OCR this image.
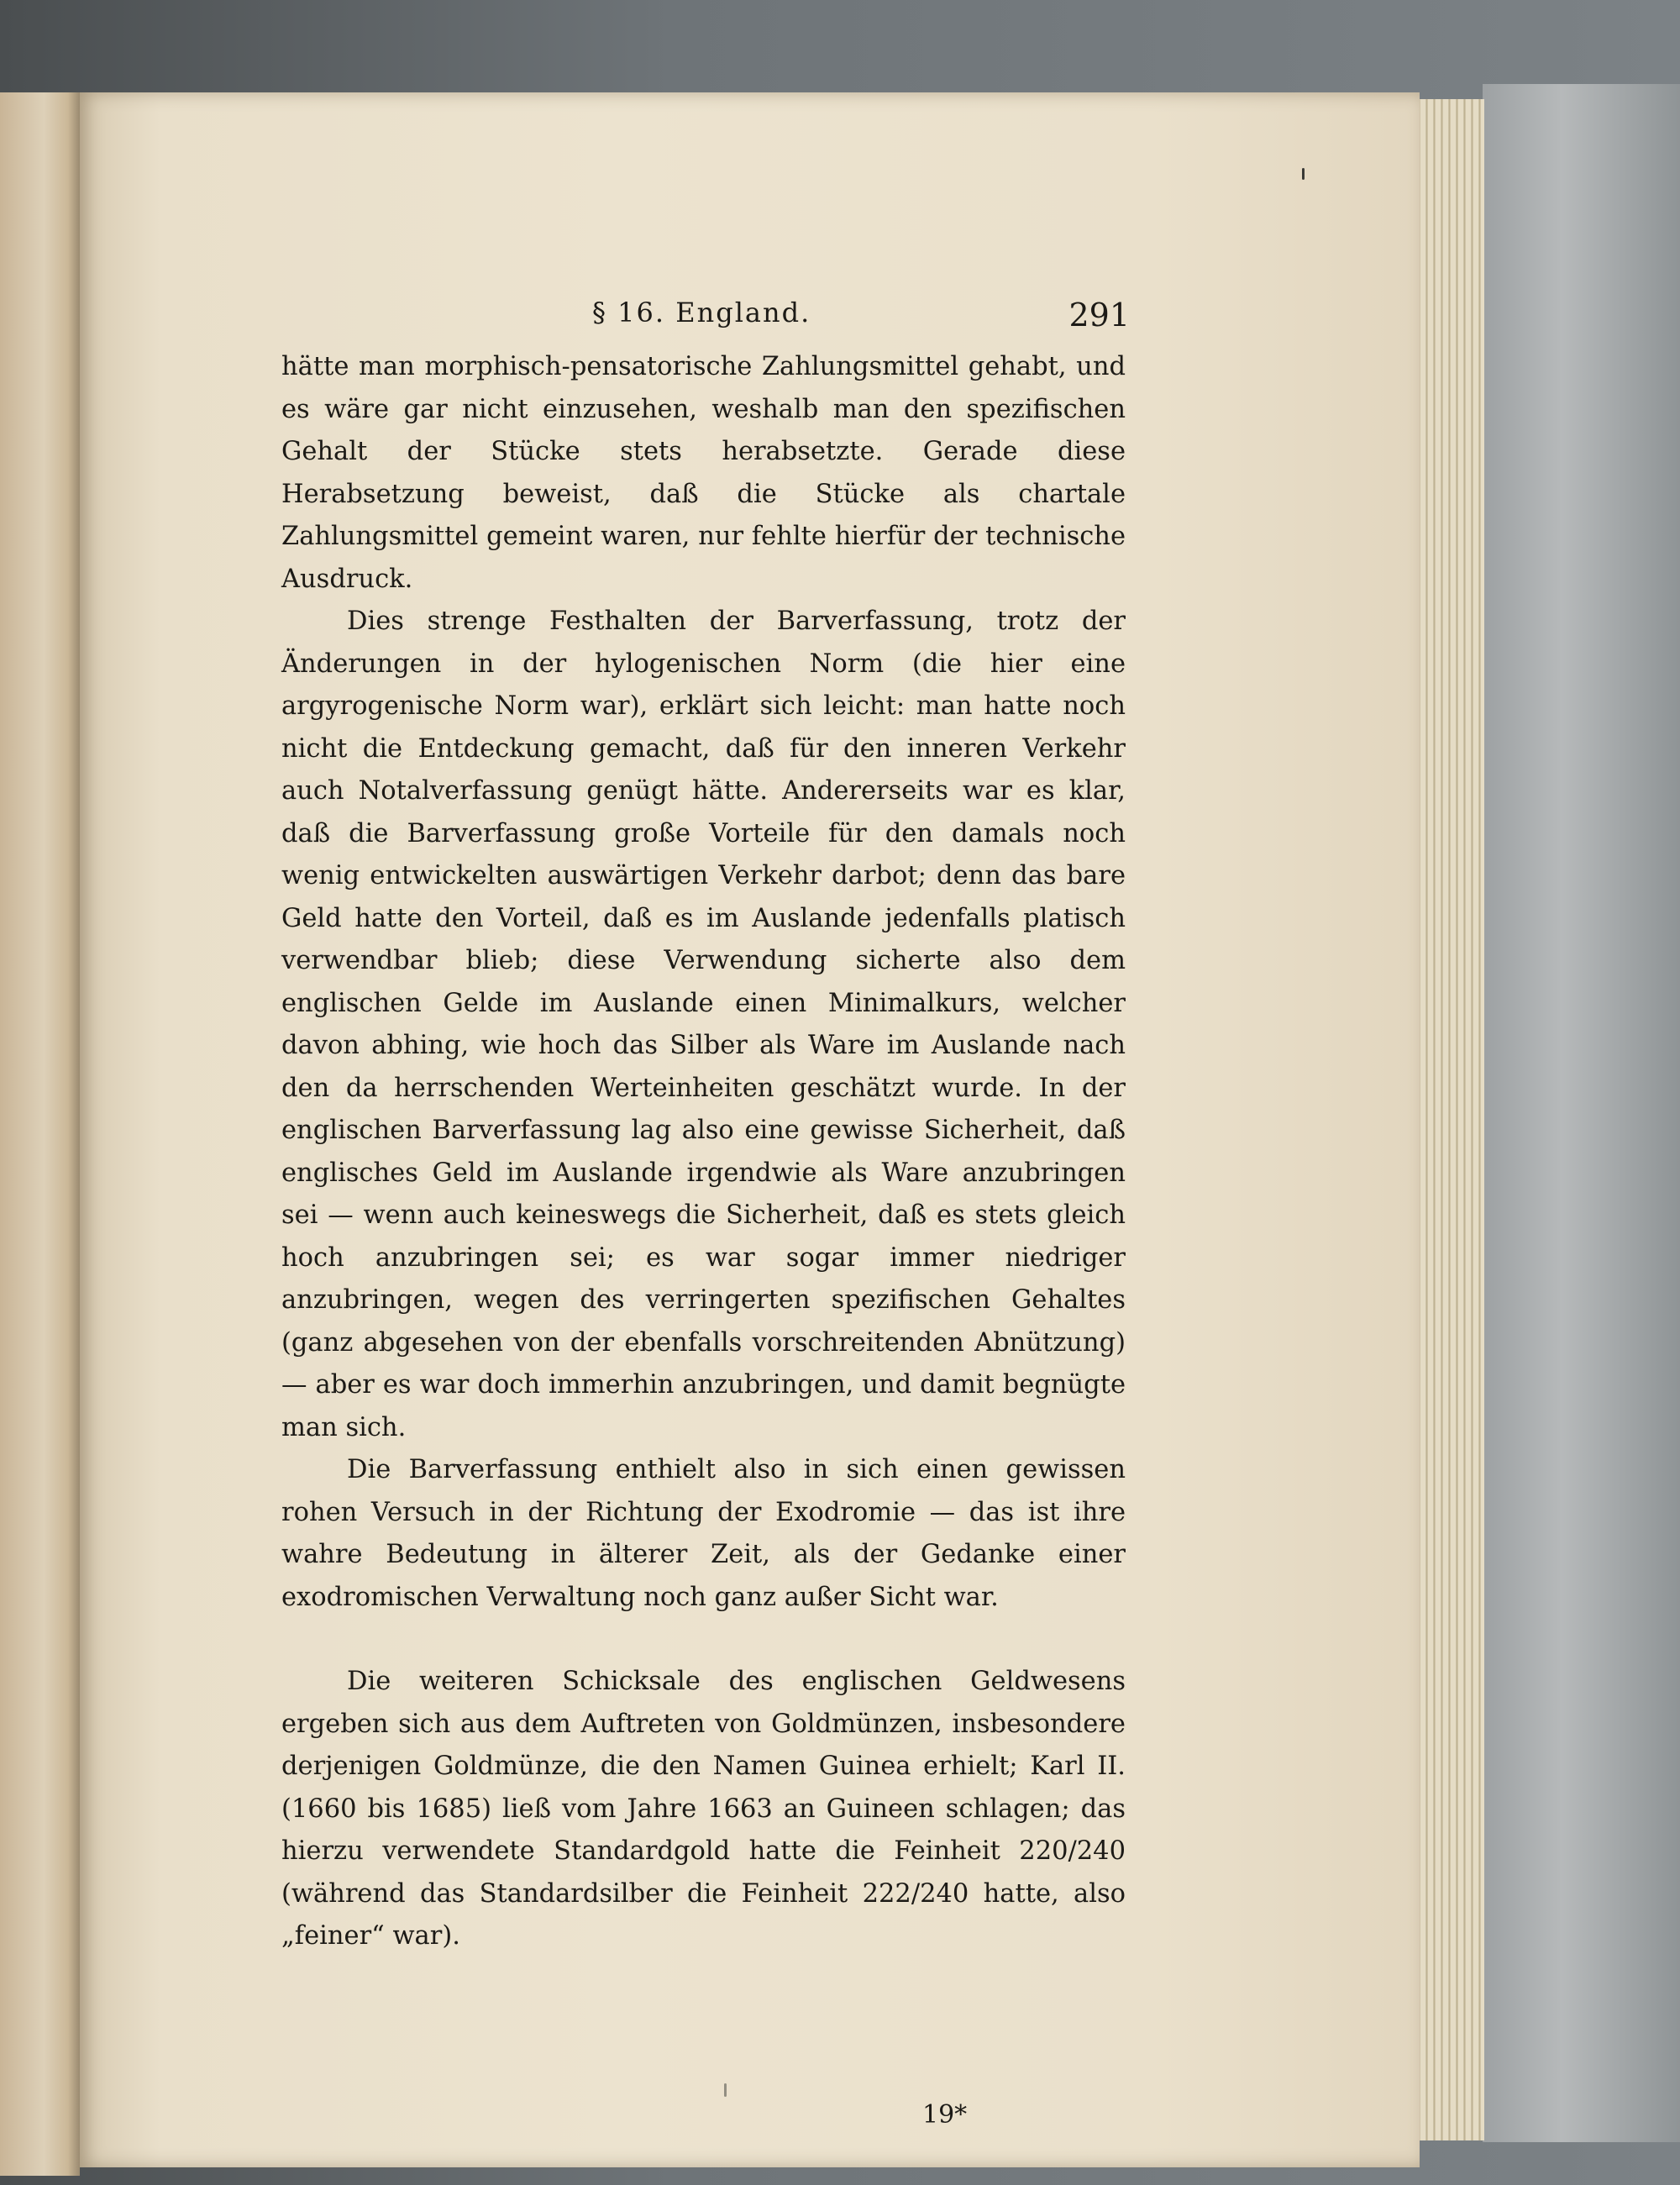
§ 16. England.	291

hätte man morphisch-pensatorische Zahlungsmittel gehabt, und es wäre gar nicht einzusehen, weshalb man den spezifischen Gehalt der Stücke stets herabsetzte. Gerade diese Herabsetzung beweist, daß die Stücke als chartale Zahlungsmittel gemeint waren, nur fehlte hierfür der technische Ausdruck.

Dies strenge Festhalten der Barverfassung, trotz der Änderungen in der hylogenischen Norm (die hier eine argyrogenische Norm war), erklärt sich leicht: man hatte noch nicht die Entdeckung gemacht, daß für den inneren Verkehr auch Notalverfassung genügt hätte. Andererseits war es klar, daß die Barverfassung große Vorteile für den damals noch wenig entwickelten auswärtigen Verkehr darbot; denn das bare Geld hatte den Vorteil, daß es im Auslande jedenfalls platisch verwendbar blieb; diese Verwendung sicherte also dem englischen Gelde im Auslande einen Minimalkurs, welcher davon abhing, wie hoch das Silber als Ware im Auslande nach den da herrschenden Werteinheiten geschätzt wurde. In der englischen Barverfassung lag also eine gewisse Sicherheit, daß englisches Geld im Auslande irgendwie als Ware anzubringen sei — wenn auch keineswegs die Sicherheit, daß es stets gleich hoch anzubringen sei; es war sogar immer niedriger anzubringen, wegen des verringerten spezifischen Gehaltes (ganz abgesehen von der ebenfalls vorschreitenden Abnützung) — aber es war doch immerhin anzubringen, und damit begnügte man sich.

Die Barverfassung enthielt also in sich einen gewissen rohen Versuch in der Richtung der Exodromie — das ist ihre wahre Bedeutung in älterer Zeit, als der Gedanke einer exodromischen Verwaltung noch ganz außer Sicht war.

Die weiteren Schicksale des englischen Geldwesens ergeben sich aus dem Auftreten von Goldmünzen, insbesondere derjenigen Goldmünze, die den Namen Guinea erhielt; Karl II. (1660 bis 1685) ließ vom Jahre 1663 an Guineen schlagen; das hierzu verwendete Standardgold hatte die Feinheit 220/240 (während das Standardsilber die Feinheit 222/240 hatte, also „feiner“ war).

19*
